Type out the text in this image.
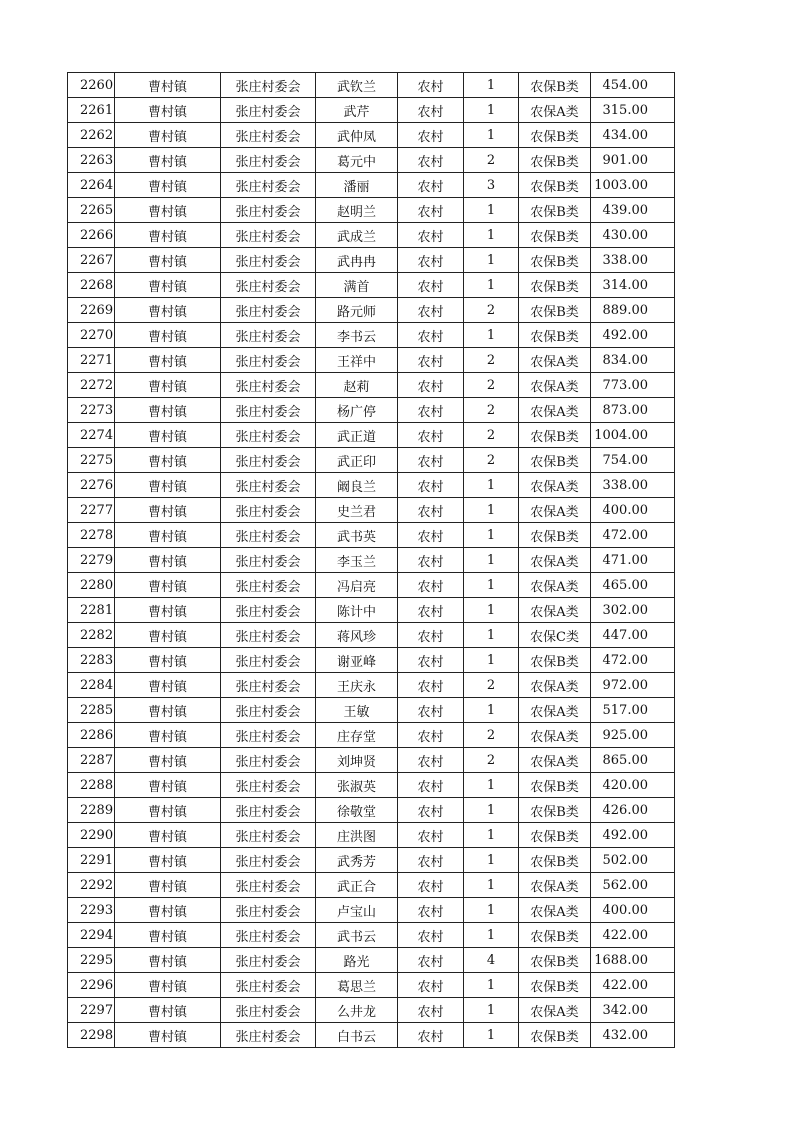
2260	曹村镇	张庄村委会	武钦兰	农村	1	农保B类	454.00
2261	曹村镇	张庄村委会	武芹	农村	1	农保A类	315.00
2262	曹村镇	张庄村委会	武仲凤	农村	1	农保B类	434.00
2263	曹村镇	张庄村委会	葛元中	农村	2	农保B类	901.00
2264	曹村镇	张庄村委会	潘丽	农村	3	农保B类	1003.00
2265	曹村镇	张庄村委会	赵明兰	农村	1	农保B类	439.00
2266	曹村镇	张庄村委会	武成兰	农村	1	农保B类	430.00
2267	曹村镇	张庄村委会	武冉冉	农村	1	农保B类	338.00
2268	曹村镇	张庄村委会	满首	农村	1	农保B类	314.00
2269	曹村镇	张庄村委会	路元师	农村	2	农保B类	889.00
2270	曹村镇	张庄村委会	李书云	农村	1	农保B类	492.00
2271	曹村镇	张庄村委会	王祥中	农村	2	农保A类	834.00
2272	曹村镇	张庄村委会	赵莉	农村	2	农保A类	773.00
2273	曹村镇	张庄村委会	杨广停	农村	2	农保A类	873.00
2274	曹村镇	张庄村委会	武正道	农村	2	农保B类	1004.00
2275	曹村镇	张庄村委会	武正印	农村	2	农保B类	754.00
2276	曹村镇	张庄村委会	阚良兰	农村	1	农保A类	338.00
2277	曹村镇	张庄村委会	史兰君	农村	1	农保A类	400.00
2278	曹村镇	张庄村委会	武书英	农村	1	农保B类	472.00
2279	曹村镇	张庄村委会	李玉兰	农村	1	农保A类	471.00
2280	曹村镇	张庄村委会	冯启亮	农村	1	农保A类	465.00
2281	曹村镇	张庄村委会	陈计中	农村	1	农保A类	302.00
2282	曹村镇	张庄村委会	蒋风珍	农村	1	农保C类	447.00
2283	曹村镇	张庄村委会	谢亚峰	农村	1	农保B类	472.00
2284	曹村镇	张庄村委会	王庆永	农村	2	农保A类	972.00
2285	曹村镇	张庄村委会	王敏	农村	1	农保A类	517.00
2286	曹村镇	张庄村委会	庄存堂	农村	2	农保A类	925.00
2287	曹村镇	张庄村委会	刘坤贤	农村	2	农保A类	865.00
2288	曹村镇	张庄村委会	张淑英	农村	1	农保B类	420.00
2289	曹村镇	张庄村委会	徐敬堂	农村	1	农保B类	426.00
2290	曹村镇	张庄村委会	庄洪图	农村	1	农保B类	492.00
2291	曹村镇	张庄村委会	武秀芳	农村	1	农保B类	502.00
2292	曹村镇	张庄村委会	武正合	农村	1	农保A类	562.00
2293	曹村镇	张庄村委会	卢宝山	农村	1	农保A类	400.00
2294	曹村镇	张庄村委会	武书云	农村	1	农保B类	422.00
2295	曹村镇	张庄村委会	路光	农村	4	农保B类	1688.00
2296	曹村镇	张庄村委会	葛思兰	农村	1	农保B类	422.00
2297	曹村镇	张庄村委会	么井龙	农村	1	农保A类	342.00
2298	曹村镇	张庄村委会	白书云	农村	1	农保B类	432.00
